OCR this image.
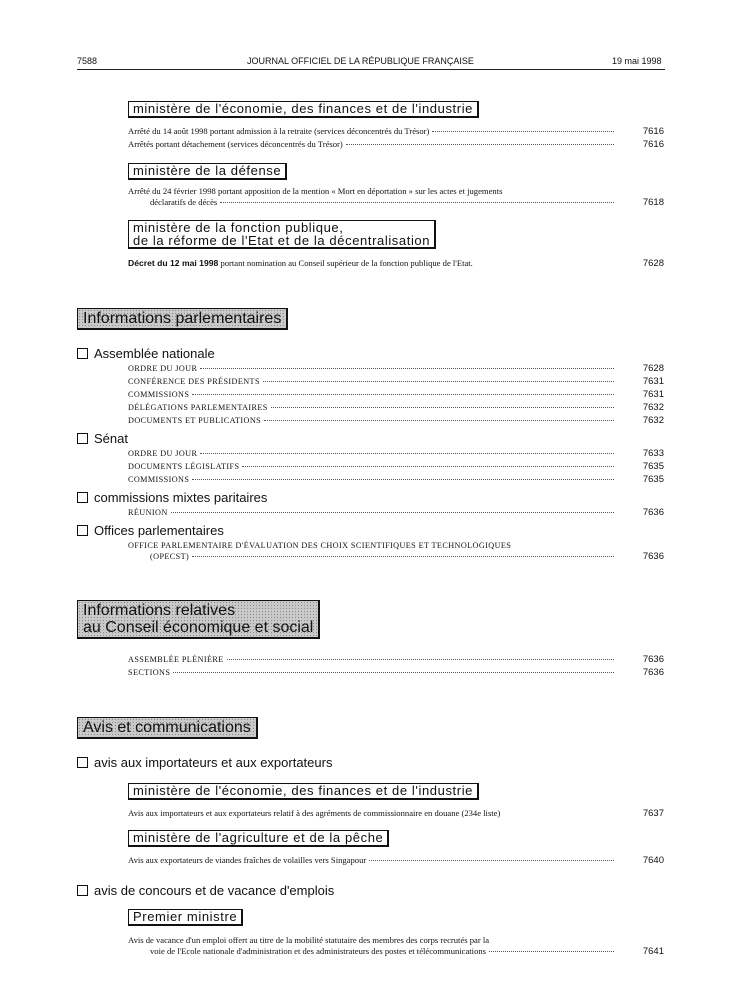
7588	JOURNAL OFFICIEL DE LA RÉPUBLIQUE FRANÇAISE	19 mai 1998
ministère de l'économie, des finances et de l'industrie
Arrêté du 14 août 1998 portant admission à la retraite (services déconcentrés du Trésor)	7616
Arrêtés portant détachement (services déconcentrés du Trésor)	7616
ministère de la défense
Arrêté du 24 février 1998 portant apposition de la mention « Mort en déportation » sur les actes et jugements
déclaratifs de décès	7618
ministère de la fonction publique,
de la réforme de l'Etat et de la décentralisation
Décret du 12 mai 1998 portant nomination au Conseil supérieur de la fonction publique de l'Etat.	7628
Informations parlementaires
Assemblée nationale
ORDRE DU JOUR	7628
CONFÉRENCE DES PRÉSIDENTS	7631
COMMISSIONS	7631
DÉLÉGATIONS PARLEMENTAIRES	7632
DOCUMENTS ET PUBLICATIONS	7632
Sénat
ORDRE DU JOUR	7633
DOCUMENTS LÉGISLATIFS	7635
COMMISSIONS	7635
commissions mixtes paritaires
RÉUNION	7636
Offices parlementaires
OFFICE PARLEMENTAIRE D'ÉVALUATION DES CHOIX SCIENTIFIQUES ET TECHNOLOGIQUES
(OPECST)	7636
Informations relatives
au Conseil économique et social
ASSEMBLÉE PLÉNIÈRE	7636
SECTIONS	7636
Avis et communications
avis aux importateurs et aux exportateurs
ministère de l'économie, des finances et de l'industrie
Avis aux importateurs et aux exportateurs relatif à des agréments de commissionnaire en douane (234e liste)	7637
ministère de l'agriculture et de la pêche
Avis aux exportateurs de viandes fraîches de volailles vers Singapour	7640
avis de concours et de vacance d'emplois
Premier ministre
Avis de vacance d'un emploi offert au titre de la mobilité statutaire des membres des corps recrutés par la
voie de l'Ecole nationale d'administration et des administrateurs des postes et télécommunications	7641
